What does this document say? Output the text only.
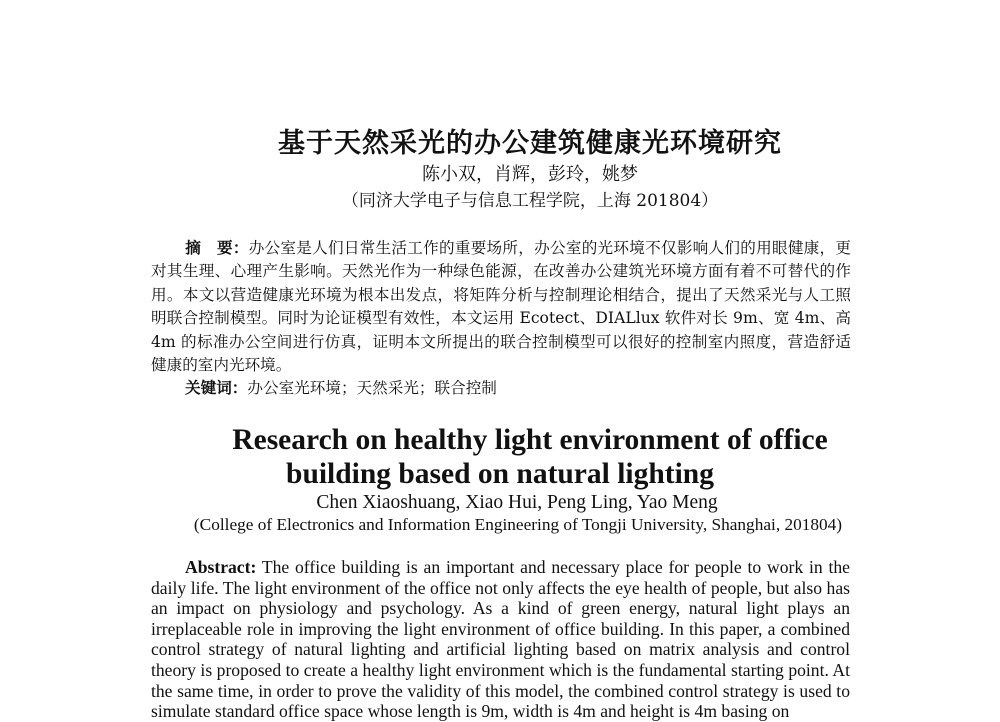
基于天然采光的办公建筑健康光环境研究
陈小双，肖辉，彭玲，姚梦
（同济大学电子与信息工程学院，上海 201804）
摘　要：办公室是人们日常生活工作的重要场所，办公室的光环境不仅影响人们的用眼健康，更对其生理、心理产生影响。天然光作为一种绿色能源，在改善办公建筑光环境方面有着不可替代的作用。本文以营造健康光环境为根本出发点，将矩阵分析与控制理论相结合，提出了天然采光与人工照明联合控制模型。同时为论证模型有效性，本文运用 Ecotect、DIALlux 软件对长 9m、宽 4m、高 4m 的标准办公空间进行仿真，证明本文所提出的联合控制模型可以很好的控制室内照度，营造舒适健康的室内光环境。
关键词：办公室光环境；天然采光；联合控制
Research on healthy light environment of office
building based on natural lighting
Chen Xiaoshuang, Xiao Hui, Peng Ling, Yao Meng
(College of Electronics and Information Engineering of Tongji University, Shanghai, 201804)
Abstract: The office building is an important and necessary place for people to work in the daily life. The light environment of the office not only affects the eye health of people, but also has an impact on physiology and psychology. As a kind of green energy, natural light plays an irreplaceable role in improving the light environment of office building. In this paper, a combined control strategy of natural lighting and artificial lighting based on matrix analysis and control theory is proposed to create a healthy light environment which is the fundamental starting point. At the same time, in order to prove the validity of this model, the combined control strategy is used to simulate standard office space whose length is 9m, width is 4m and height is 4m basing on
